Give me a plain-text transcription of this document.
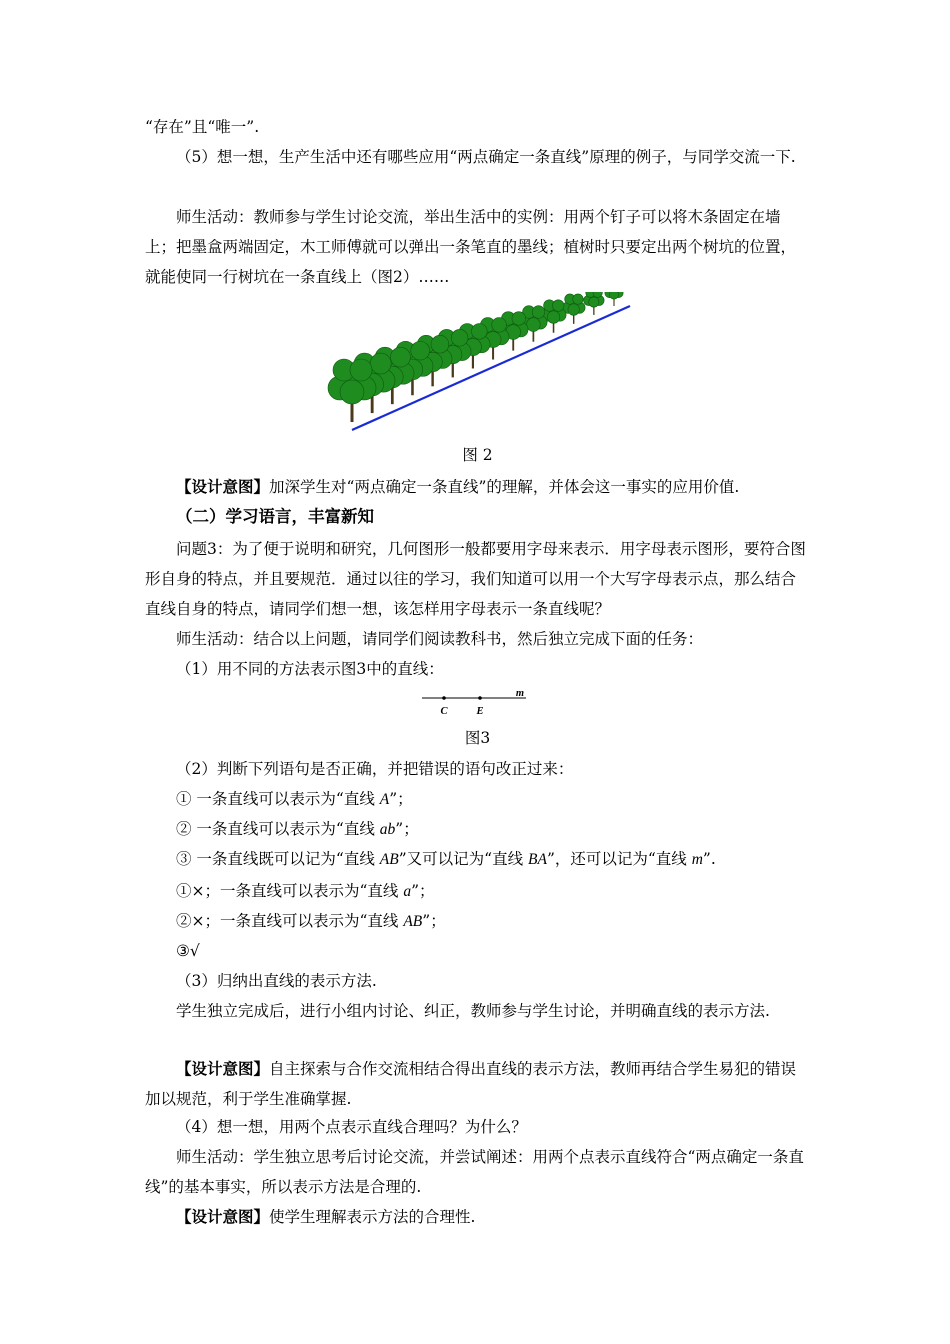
“存在”且“唯一”.

（5）想一想，生产生活中还有哪些应用“两点确定一条直线”原理的例子，与同学交流一下.

师生活动：教师参与学生讨论交流，举出生活中的实例：用两个钉子可以将木条固定在墙上；把墨盒两端固定，木工师傅就可以弹出一条笔直的墨线；植树时只要定出两个树坑的位置，就能使同一行树坑在一条直线上（图2）……

图 2

【设计意图】加深学生对“两点确定一条直线”的理解，并体会这一事实的应用价值.

（二）学习语言，丰富新知

问题3：为了便于说明和研究，几何图形一般都要用字母来表示．用字母表示图形，要符合图形自身的特点，并且要规范．通过以往的学习，我们知道可以用一个大写字母表示点，那么结合直线自身的特点，请同学们想一想，该怎样用字母表示一条直线呢？

师生活动：结合以上问题，请同学们阅读教科书，然后独立完成下面的任务：

（1）用不同的方法表示图3中的直线：

C	E
m

图3

（2）判断下列语句是否正确，并把错误的语句改正过来：

① 一条直线可以表示为“直线 A”；

② 一条直线可以表示为“直线 ab”；

③ 一条直线既可以记为“直线 AB”又可以记为“直线 BA”，还可以记为“直线 m”.

①×；一条直线可以表示为“直线 a”；

②×；一条直线可以表示为“直线 AB”；

③√

（3）归纳出直线的表示方法.

学生独立完成后，进行小组内讨论、纠正，教师参与学生讨论，并明确直线的表示方法.

【设计意图】自主探索与合作交流相结合得出直线的表示方法，教师再结合学生易犯的错误加以规范，利于学生准确掌握.

（4）想一想，用两个点表示直线合理吗？为什么？

师生活动：学生独立思考后讨论交流，并尝试阐述：用两个点表示直线符合“两点确定一条直线”的基本事实，所以表示方法是合理的.

【设计意图】使学生理解表示方法的合理性.
